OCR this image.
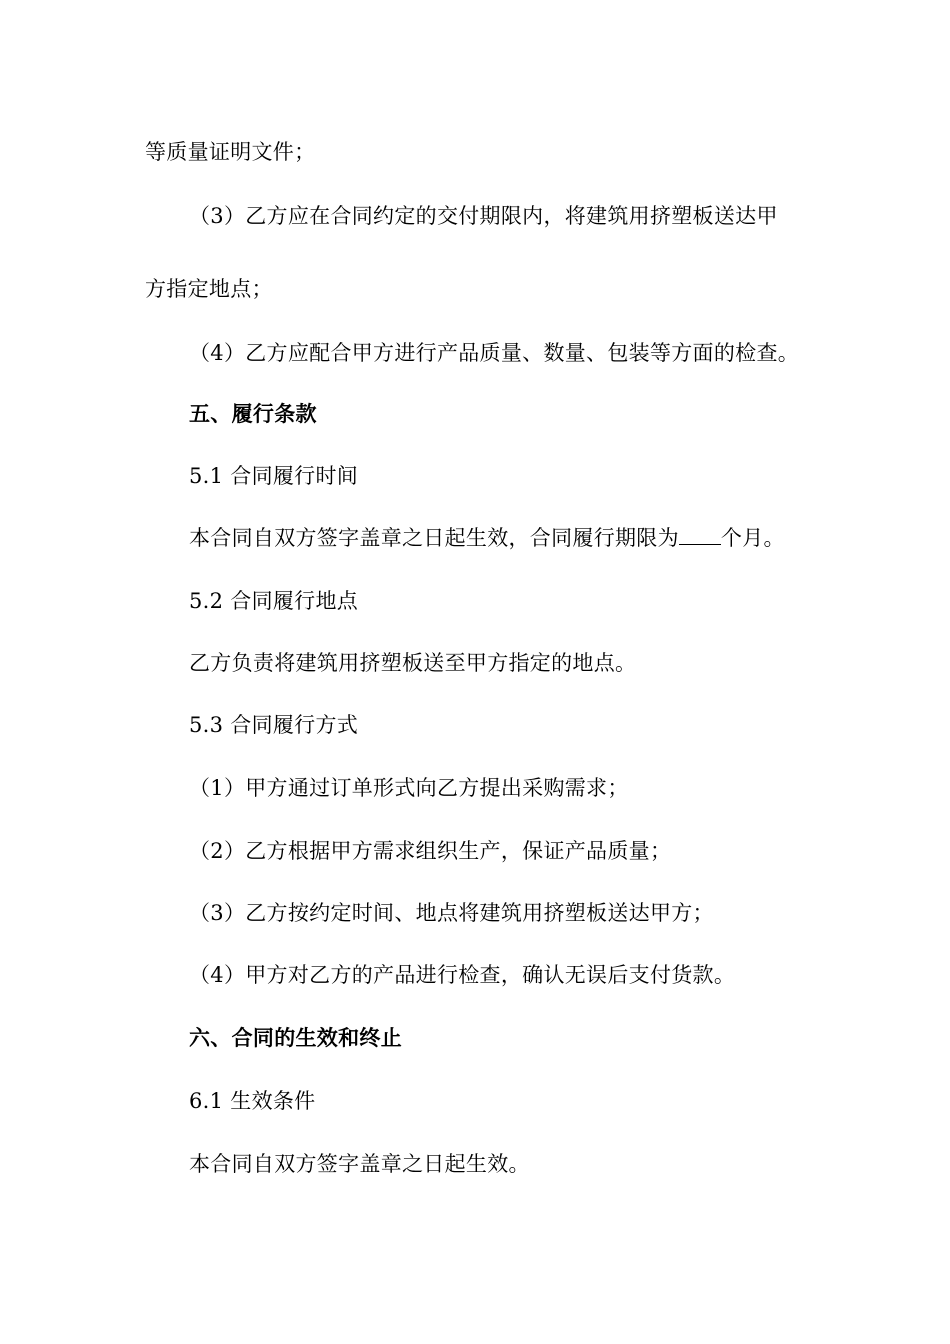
等质量证明文件；
（3）乙方应在合同约定的交付期限内，将建筑用挤塑板送达甲
方指定地点；
（4）乙方应配合甲方进行产品质量、数量、包装等方面的检查。
五、履行条款
5.1 合同履行时间
本合同自双方签字盖章之日起生效，合同履行期限为 个月。
5.2 合同履行地点
乙方负责将建筑用挤塑板送至甲方指定的地点。
5.3 合同履行方式
（1）甲方通过订单形式向乙方提出采购需求；
（2）乙方根据甲方需求组织生产，保证产品质量；
（3）乙方按约定时间、地点将建筑用挤塑板送达甲方；
（4）甲方对乙方的产品进行检查，确认无误后支付货款。
六、合同的生效和终止
6.1 生效条件
本合同自双方签字盖章之日起生效。
